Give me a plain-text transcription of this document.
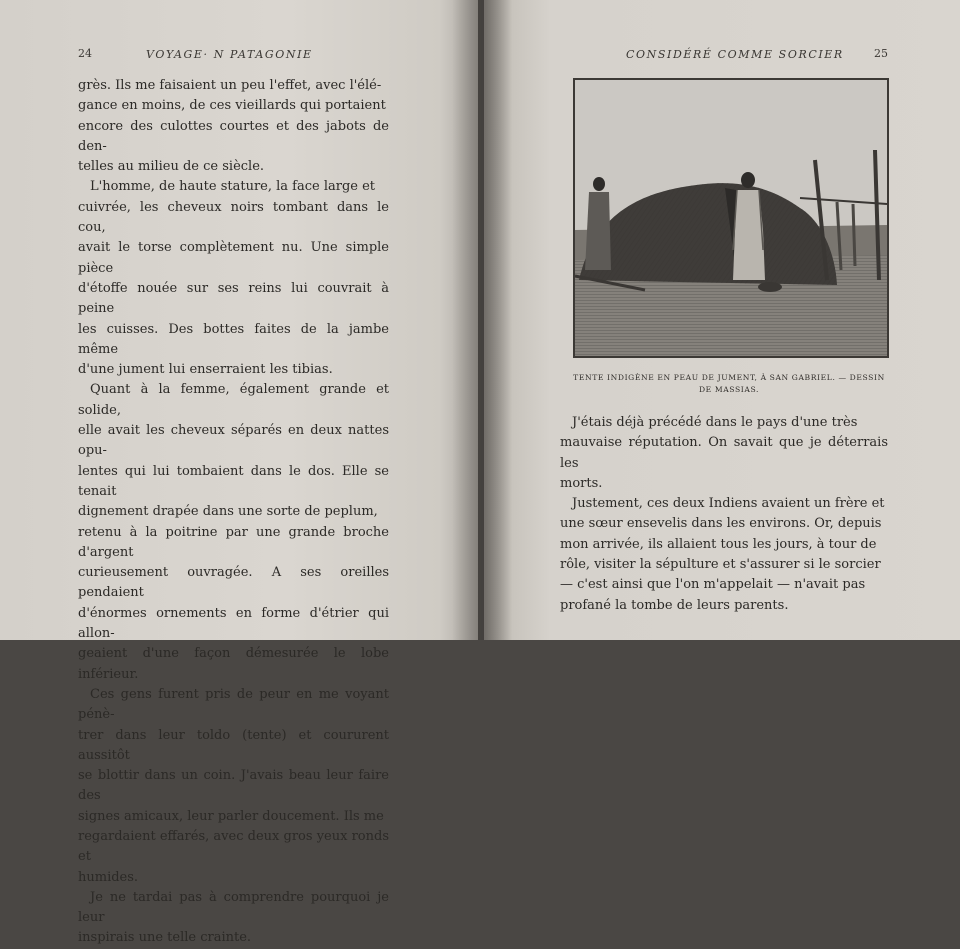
24	VOYAGE· N PATAGONIE

grès. Ils me faisaient un peu l'effet, avec l'élé-
gance en moins, de ces vieillards qui portaient
encore des culottes courtes et des jabots de den-
telles au milieu de ce siècle.

L'homme, de haute stature, la face large et
cuivrée, les cheveux noirs tombant dans le cou,
avait le torse complètement nu. Une simple pièce
d'étoffe nouée sur ses reins lui couvrait à peine
les cuisses. Des bottes faites de la jambe même
d'une jument lui enserraient les tibias.

Quant à la femme, également grande et solide,
elle avait les cheveux séparés en deux nattes opu-
lentes qui lui tombaient dans le dos. Elle se tenait
dignement drapée dans une sorte de peplum,
retenu à la poitrine par une grande broche d'argent
curieusement ouvragée. A ses oreilles pendaient
d'énormes ornements en forme d'étrier qui allon-
geaient d'une façon démesurée le lobe inférieur.

Ces gens furent pris de peur en me voyant pénè-
trer dans leur toldo (tente) et coururent aussitôt
se blottir dans un coin. J'avais beau leur faire des
signes amicaux, leur parler doucement. Ils me
regardaient effarés, avec deux gros yeux ronds et
humides.

Je ne tardai pas à comprendre pourquoi je leur
inspirais une telle crainte.

CONSIDÉRÉ COMME SORCIER	25
TENTE INDIGÈNE EN PEAU DE JUMENT, À SAN GABRIEL. — DESSIN
DE MASSIAS.

J'étais déjà précédé dans le pays d'une très
mauvaise réputation. On savait que je déterrais les
morts.

Justement, ces deux Indiens avaient un frère et
une sœur ensevelis dans les environs. Or, depuis
mon arrivée, ils allaient tous les jours, à tour de
rôle, visiter la sépulture et s'assurer si le sorcier
— c'est ainsi que l'on m'appelait — n'avait pas
profané la tombe de leurs parents.
